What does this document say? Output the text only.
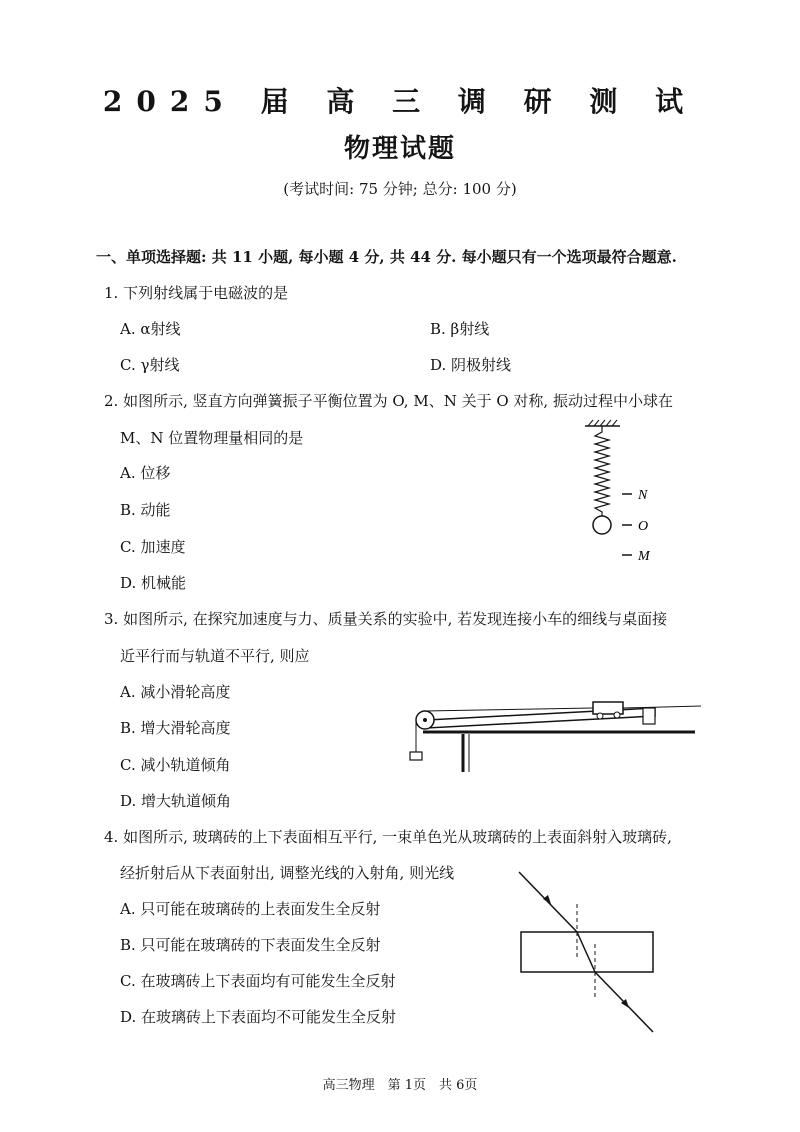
2025 届 高 三 调 研 测 试
物理试题
(考试时间: 75 分钟; 总分: 100 分)
一、单项选择题: 共 11 小题, 每小题 4 分, 共 44 分. 每小题只有一个选项最符合题意.
1. 下列射线属于电磁波的是
A. α射线	B. β射线
C. γ射线	D. 阴极射线
2. 如图所示, 竖直方向弹簧振子平衡位置为 O, M、N 关于 O 对称, 振动过程中小球在
M、N 位置物理量相同的是
A. 位移
B. 动能
C. 加速度
D. 机械能
N
O
M
3. 如图所示, 在探究加速度与力、质量关系的实验中, 若发现连接小车的细线与桌面接
近平行而与轨道不平行, 则应
A. 减小滑轮高度
B. 增大滑轮高度
C. 减小轨道倾角
D. 增大轨道倾角
4. 如图所示, 玻璃砖的上下表面相互平行, 一束单色光从玻璃砖的上表面斜射入玻璃砖,
经折射后从下表面射出, 调整光线的入射角, 则光线
A. 只可能在玻璃砖的上表面发生全反射
B. 只可能在玻璃砖的下表面发生全反射
C. 在玻璃砖上下表面均有可能发生全反射
D. 在玻璃砖上下表面均不可能发生全反射
高三物理　第 1页　共 6页
